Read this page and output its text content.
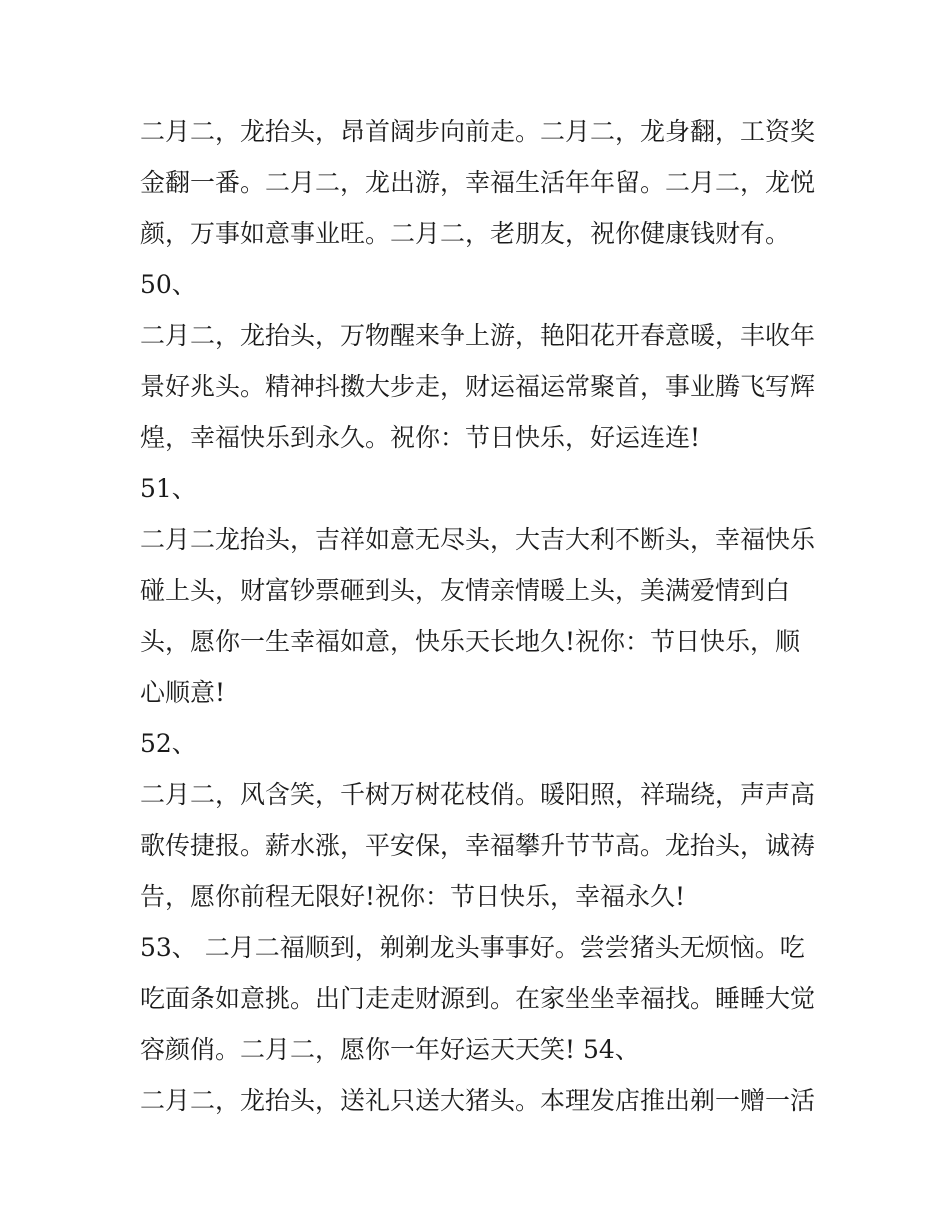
二月二，龙抬头，昂首阔步向前走。二月二，龙身翻，工资奖
金翻一番。二月二，龙出游，幸福生活年年留。二月二，龙悦
颜，万事如意事业旺。二月二，老朋友，祝你健康钱财有。
50、
二月二，龙抬头，万物醒来争上游，艳阳花开春意暖，丰收年
景好兆头。精神抖擞大步走，财运福运常聚首，事业腾飞写辉
煌，幸福快乐到永久。祝你：节日快乐，好运连连!
51、
二月二龙抬头，吉祥如意无尽头，大吉大利不断头，幸福快乐
碰上头，财富钞票砸到头，友情亲情暖上头，美满爱情到白
头，愿你一生幸福如意，快乐天长地久!祝你：节日快乐，顺
心顺意!
52、
二月二，风含笑，千树万树花枝俏。暖阳照，祥瑞绕，声声高
歌传捷报。薪水涨，平安保，幸福攀升节节高。龙抬头，诚祷
告，愿你前程无限好!祝你：节日快乐，幸福永久!
53、 二月二福顺到，剃剃龙头事事好。尝尝猪头无烦恼。吃
吃面条如意挑。出门走走财源到。在家坐坐幸福找。睡睡大觉
容颜俏。二月二，愿你一年好运天天笑! 54、
二月二，龙抬头，送礼只送大猪头。本理发店推出剃一赠一活
